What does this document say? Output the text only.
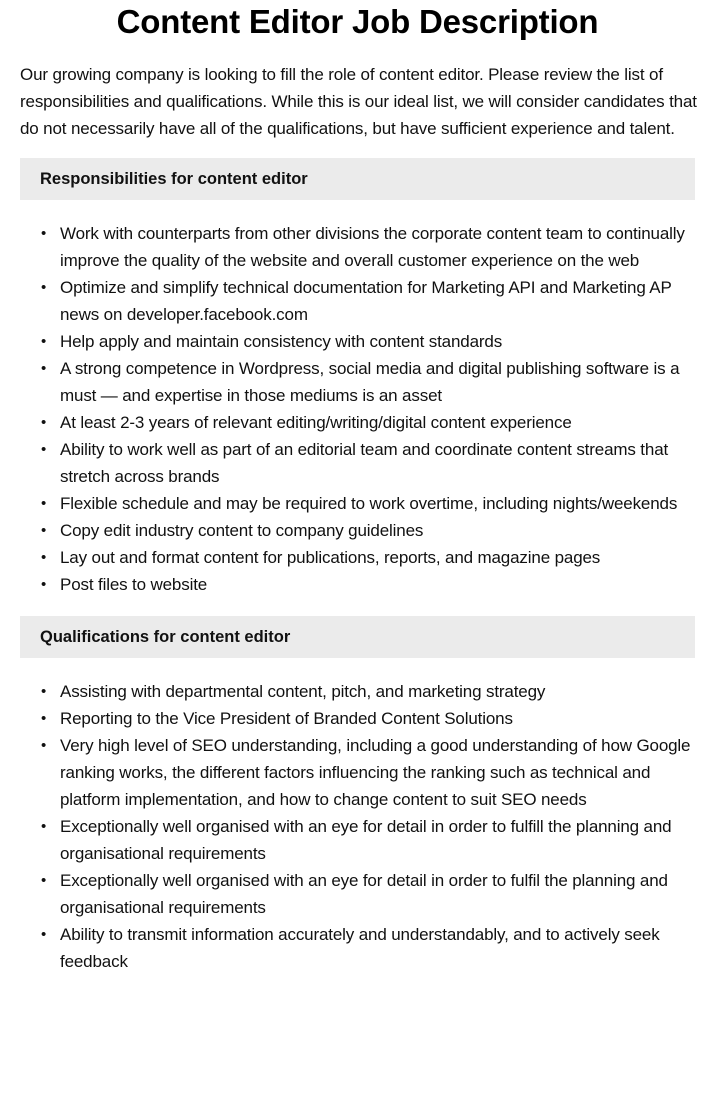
Content Editor Job Description

Our growing company is looking to fill the role of content editor. Please review the list of responsibilities and qualifications. While this is our ideal list, we will consider candidates that do not necessarily have all of the qualifications, but have sufficient experience and talent.

Responsibilities for content editor
• Work with counterparts from other divisions the corporate content team to continually improve the quality of the website and overall customer experience on the web
• Optimize and simplify technical documentation for Marketing API and Marketing AP news on developer.facebook.com
• Help apply and maintain consistency with content standards
• A strong competence in Wordpress, social media and digital publishing software is a must — and expertise in those mediums is an asset
• At least 2-3 years of relevant editing/writing/digital content experience
• Ability to work well as part of an editorial team and coordinate content streams that stretch across brands
• Flexible schedule and may be required to work overtime, including nights/weekends
• Copy edit industry content to company guidelines
• Lay out and format content for publications, reports, and magazine pages
• Post files to website
Qualifications for content editor
• Assisting with departmental content, pitch, and marketing strategy
• Reporting to the Vice President of Branded Content Solutions
• Very high level of SEO understanding, including a good understanding of how Google ranking works, the different factors influencing the ranking such as technical and platform implementation, and how to change content to suit SEO needs
• Exceptionally well organised with an eye for detail in order to fulfill the planning and organisational requirements
• Exceptionally well organised with an eye for detail in order to fulfil the planning and organisational requirements
• Ability to transmit information accurately and understandably, and to actively seek feedback
